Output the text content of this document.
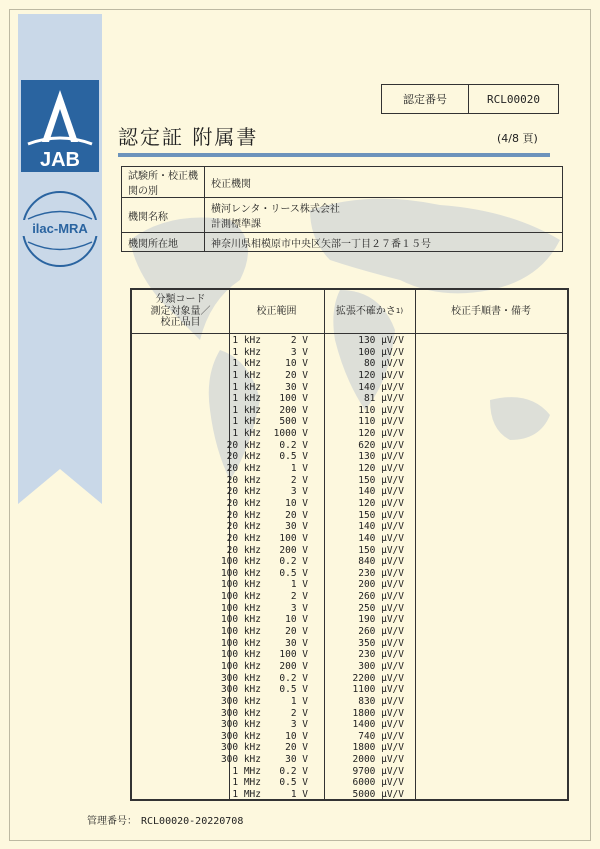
JAB
ilac-MRA
認定番号	RCL00020
認定証 附属書	(4/8 頁)
試験所・校正機関の別	校正機関
機関名称	横河レンタ・リース株式会社
計測標準課

機関所在地	神奈川県相模原市中央区矢部一丁目２７番１５号
分類コード
測定対象量／
校正品目
校正範囲	拡張不確かさ 1)	校正手順書・備考
1 kHz	2 V	130 μV/V
1 kHz	3 V	100 μV/V
1 kHz	10 V	80 μV/V
1 kHz	20 V	120 μV/V
1 kHz	30 V	140 μV/V
1 kHz 100 V	81 μV/V
1 kHz 200 V	110 μV/V
1 kHz 500 V	110 μV/V
1 kHz 1000 V	120 μV/V
20 kHz 0.2 V	620 μV/V
20 kHz 0.5 V	130 μV/V
20 kHz	1 V	120 μV/V
20 kHz	2 V	150 μV/V
20 kHz	3 V	140 μV/V
20 kHz	10 V	120 μV/V
20 kHz	20 V	150 μV/V
20 kHz	30 V	140 μV/V
20 kHz 100 V	140 μV/V
20 kHz 200 V	150 μV/V
100 kHz 0.2 V	840 μV/V
100 kHz 0.5 V	230 μV/V
100 kHz	1 V	200 μV/V
100 kHz	2 V	260 μV/V
100 kHz	3 V	250 μV/V
100 kHz	10 V	190 μV/V
100 kHz	20 V	260 μV/V
100 kHz	30 V	350 μV/V
100 kHz 100 V	230 μV/V
100 kHz 200 V	300 μV/V
300 kHz 0.2 V	2200 μV/V
300 kHz 0.5 V	1100 μV/V
300 kHz	1 V	830 μV/V
300 kHz	2 V	1800 μV/V
300 kHz	3 V	1400 μV/V
300 kHz	10 V	740 μV/V
300 kHz	20 V	1800 μV/V
300 kHz	30 V	2000 μV/V
1 MHz 0.2 V	9700 μV/V
1 MHz 0.5 V	6000 μV/V
1 MHz	1 V	5000 μV/V
管理番号： RCL00020-20220708
